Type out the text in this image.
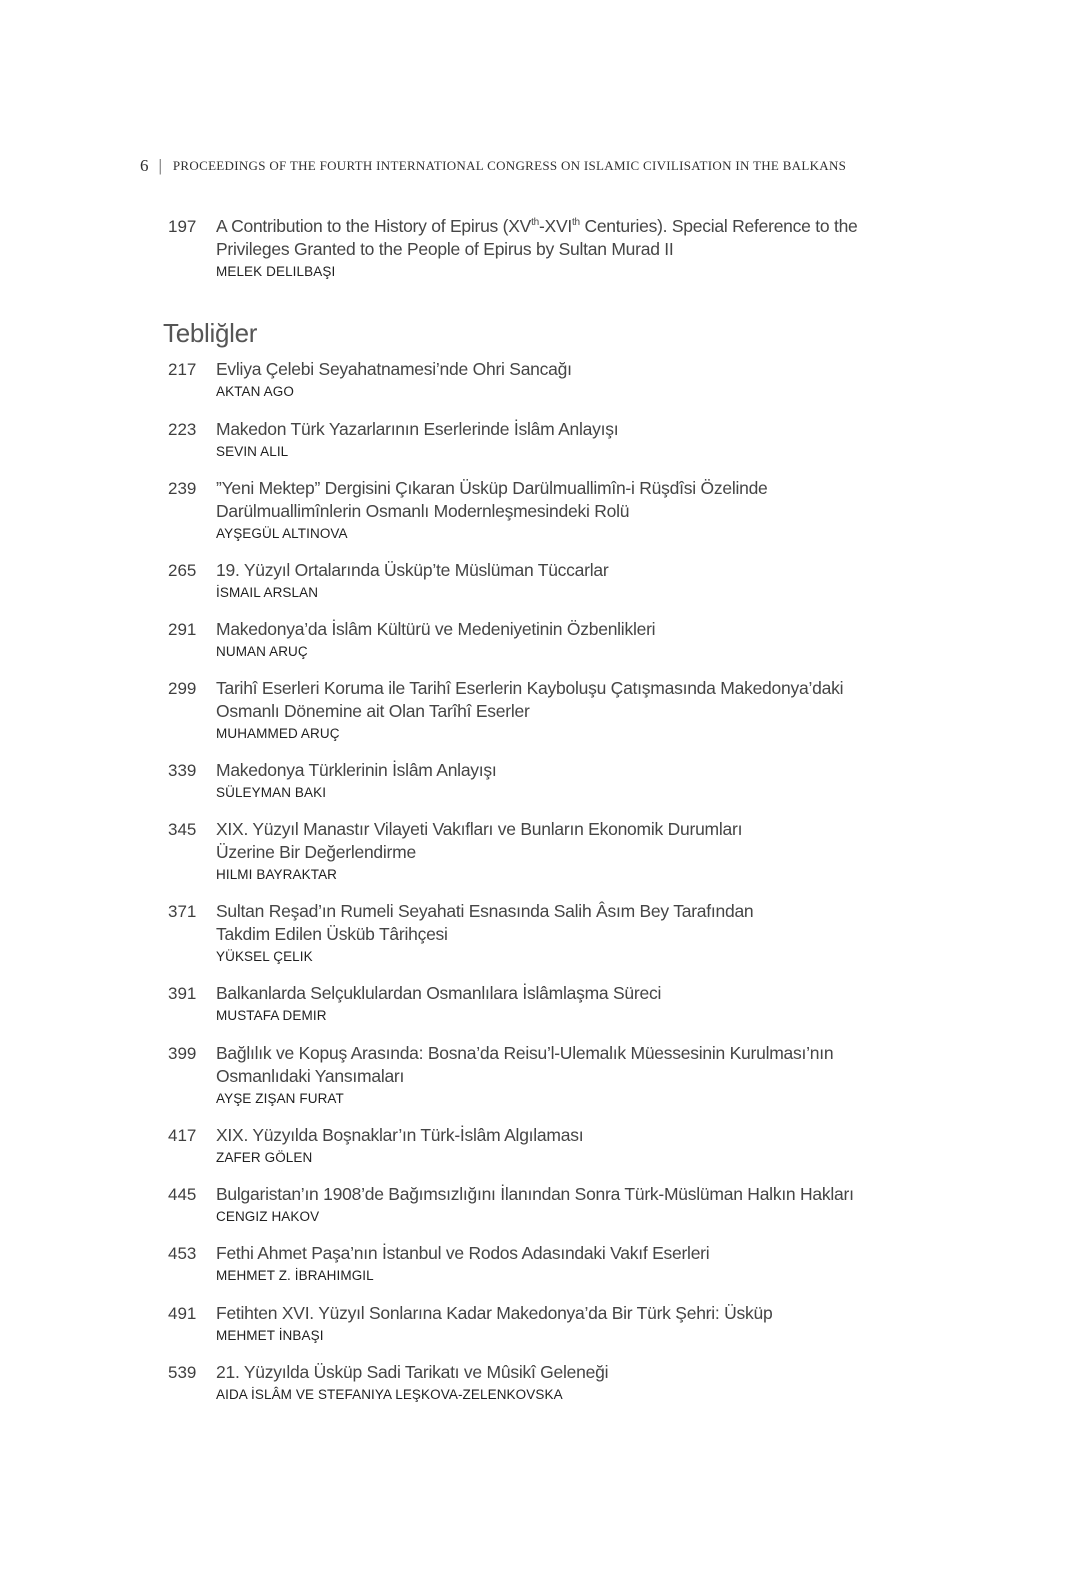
6 | PROCEEDINGS OF THE FOURTH INTERNATIONAL CONGRESS ON ISLAMIC CIVILISATION IN THE BALKANS
197	A Contribution to the History of Epirus (XVth-XVIth Centuries). Special Reference to the
Privileges Granted to the People of Epirus by Sultan Murad II
MELEK DELILBAŞI
Tebliğler
217	Evliya Çelebi Seyahatnamesi’nde Ohri Sancağı
AKTAN AGO
223	Makedon Türk Yazarlarının Eserlerinde İslâm Anlayışı
SEVIN ALIL
239	”Yeni Mektep” Dergisini Çıkaran Üsküp Darülmuallimîn-i Rüşdîsi Özelinde
Darülmuallimînlerin Osmanlı Modernleşmesindeki Rolü
AYŞEGÜL ALTINOVA
265	19. Yüzyıl Ortalarında Üsküp’te Müslüman Tüccarlar
İSMAIL ARSLAN
291	Makedonya’da İslâm Kültürü ve Medeniyetinin Özbenlikleri
NUMAN ARUÇ
299	Tarihî Eserleri Koruma ile Tarihî Eserlerin Kayboluşu Çatışmasında Makedonya’daki
Osmanlı Dönemine ait Olan Tarîhî Eserler
MUHAMMED ARUÇ
339	Makedonya Türklerinin İslâm Anlayışı
SÜLEYMAN BAKI
345	XIX. Yüzyıl Manastır Vilayeti Vakıfları ve Bunların Ekonomik Durumları
Üzerine Bir Değerlendirme
HILMI BAYRAKTAR
371	Sultan Reşad’ın Rumeli Seyahati Esnasında Salih Âsım Bey Tarafından
Takdim Edilen Üsküb Târihçesi
YÜKSEL ÇELIK
391	Balkanlarda Selçuklulardan Osmanlılara İslâmlaşma Süreci
MUSTAFA DEMIR
399	Bağlılık ve Kopuş Arasında: Bosna’da Reisu’l-Ulemalık Müessesinin Kurulması’nın
Osmanlıdaki Yansımaları
AYŞE ZIŞAN FURAT
417	XIX. Yüzyılda Boşnaklar’ın Türk-İslâm Algılaması
ZAFER GÖLEN
445	Bulgaristan’ın 1908’de Bağımsızlığını İlanından Sonra Türk-Müslüman Halkın Hakları
CENGIZ HAKOV
453	Fethi Ahmet Paşa’nın İstanbul ve Rodos Adasındaki Vakıf Eserleri
MEHMET Z. İBRAHIMGIL
491	Fetihten XVI. Yüzyıl Sonlarına Kadar Makedonya’da Bir Türk Şehri: Üsküp
MEHMET İNBAŞI
539	21. Yüzyılda Üsküp Sadi Tarikatı ve Mûsikî Geleneği
AIDA İSLÂM VE STEFANIYA LEŞKOVA-ZELENKOVSKA
